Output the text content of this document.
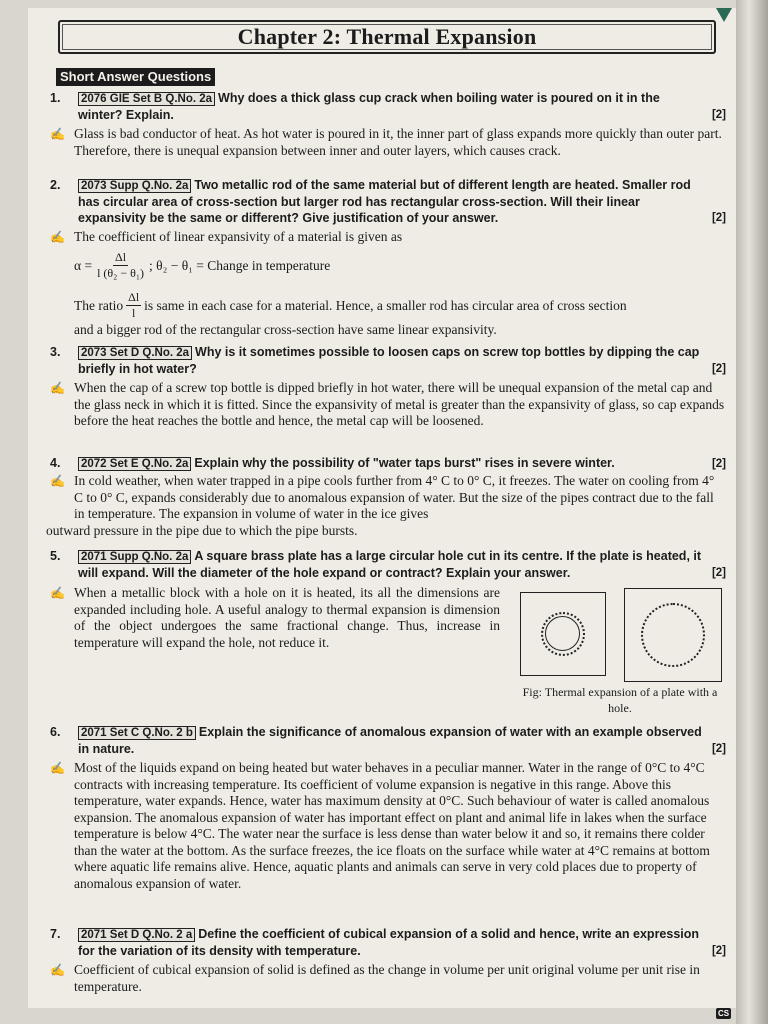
Chapter 2: Thermal Expansion
Short Answer Questions
1.	2076 GIE Set B Q.No. 2a Why does a thick glass cup crack when boiling water is poured on it in the winter? Explain.	[2]
✍ Glass is bad conductor of heat. As hot water is poured in it, the inner part of glass expands more quickly than outer part. Therefore, there is unequal expansion between inner and outer layers, which causes crack.
2.	2073 Supp Q.No. 2a Two metallic rod of the same material but of different length are heated. Smaller rod has circular area of cross-section but larger rod has rectangular cross-section. Will their linear expansivity be the same or different? Give justification of your answer.	[2]
✍ The coefficient of linear expansivity of a material is given as
$\alpha = \frac{\Delta l}{\text{l (θ₂ − θ₁)}}$ ; θ₂ − θ₁ = Change in temperature
The ratio $\frac{\Delta l}{l}$ is same in each case for a material. Hence, a smaller rod has circular area of cross section
and a bigger rod of the rectangular cross-section have same linear expansivity.
3.	2073 Set D Q.No. 2a Why is it sometimes possible to loosen caps on screw top bottles by dipping the cap briefly in hot water?	[2]
✍ When the cap of a screw top bottle is dipped briefly in hot water, there will be unequal expansion of the metal cap and the glass neck in which it is fitted. Since the expansivity of metal is greater than the expansivity of glass, so cap expands before the heat reaches the bottle and hence, the metal cap will be loosened.
4.	2072 Set E Q.No. 2a Explain why the possibility of "water taps burst" rises in severe winter.	[2]
✍ In cold weather, when water trapped in a pipe cools further from 4° C to 0° C, it freezes. The water on cooling from 4° C to 0° C, expands considerably due to anomalous expansion of water. But the size of the pipes contract due to the fall in temperature. The expansion in volume of water in the ice gives
outward pressure in the pipe due to which the pipe bursts.
5.	2071 Supp Q.No. 2a A square brass plate has a large circular hole cut in its centre. If the plate is heated, it will expand. Will the diameter of the hole expand or contract? Explain your answer.	[2]
✍ When a metallic block with a hole on it is heated, its all the dimensions are expanded including hole. A useful analogy to thermal expansion is dimension of the object undergoes the same fractional change. Thus, increase in temperature will expand the hole, not reduce it.
Fig: Thermal expansion of a plate with a hole.
6.	2071 Set C Q.No. 2 b Explain the significance of anomalous expansion of water with an example observed in nature.	[2]
✍ Most of the liquids expand on being heated but water behaves in a peculiar manner. Water in the range of 0°C to 4°C contracts with increasing temperature. Its coefficient of volume expansion is negative in this range. Above this temperature, water expands. Hence, water has maximum density at 0°C. Such behaviour of water is called anomalous expansion. The anomalous expansion of water has important effect on plant and animal life in lakes when the surface temperature is below 4°C. The water near the surface is less dense than water below it and so, it remains there colder than the water at the bottom. As the surface freezes, the ice floats on the surface while water at 4°C remains at bottom where aquatic life remains alive. Hence, aquatic plants and animals can serve in very cold places due to property of anomalous expansion of water.
7.	2071 Set D Q.No. 2 a Define the coefficient of cubical expansion of a solid and hence, write an expression for the variation of its density with temperature.	[2]
✍ Coefficient of cubical expansion of solid is defined as the change in volume per unit original volume per unit rise in temperature.
CS
